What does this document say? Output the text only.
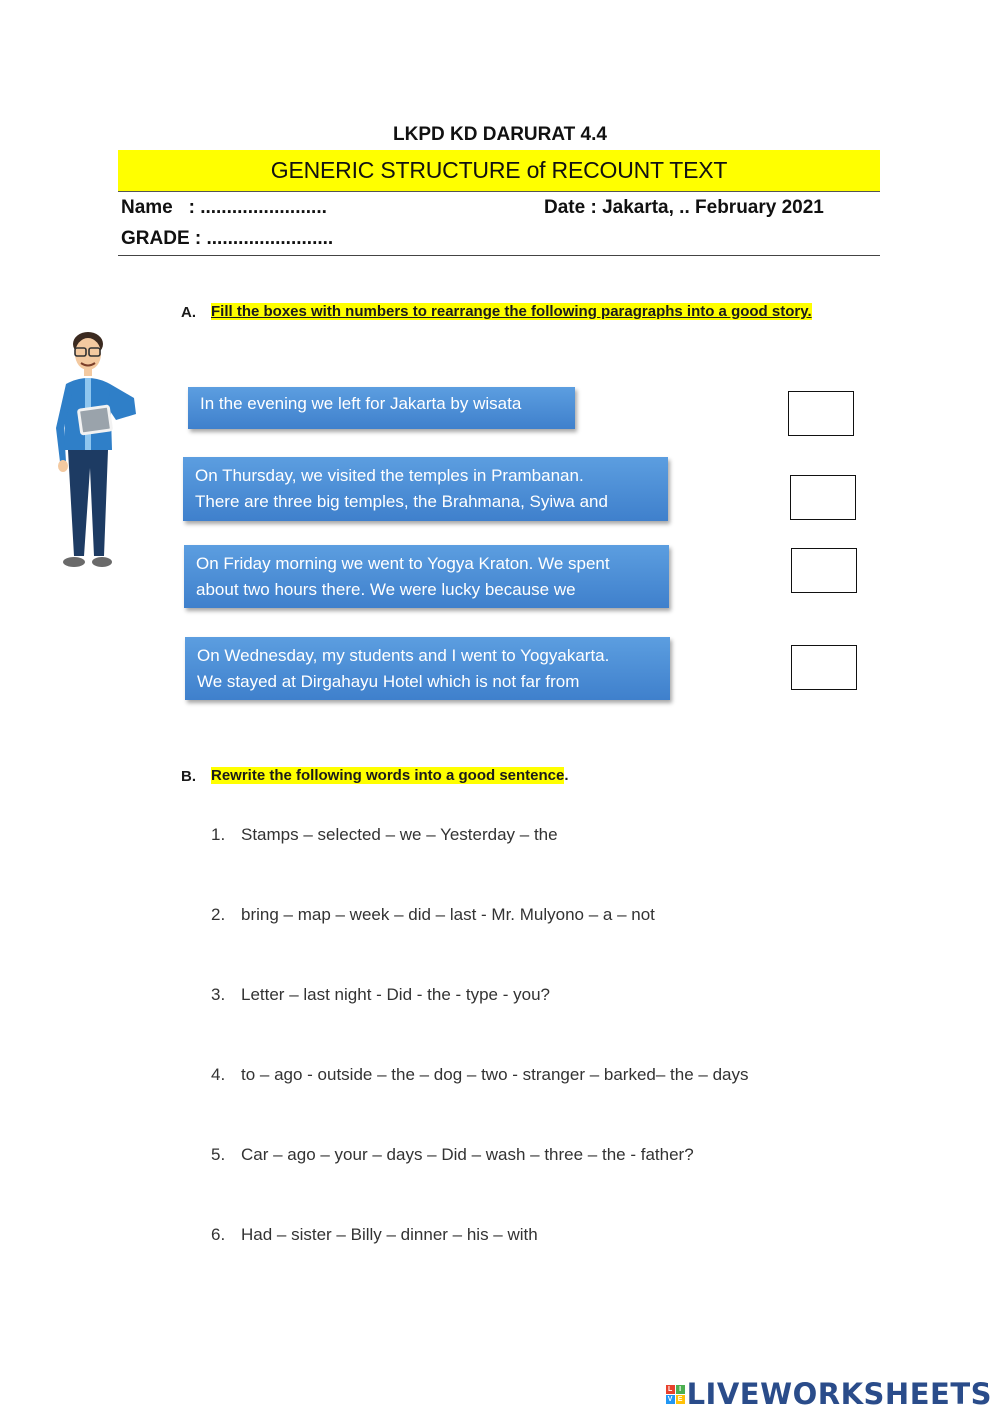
LKPD KD DARURAT 4.4
GENERIC STRUCTURE of RECOUNT TEXT
Name   : ........................	Date : Jakarta, .. February 2021
GRADE : ........................
A. Fill the boxes with numbers to rearrange the following paragraphs into a good story.
In the evening we left for Jakarta by wisata
On Thursday, we visited the temples in Prambanan.
There are three big temples, the Brahmana, Syiwa and
On Friday morning we went to Yogya Kraton. We spent
about two hours there. We were lucky because we
On Wednesday, my students and I went to Yogyakarta.
We stayed at Dirgahayu Hotel which is not far from
B. Rewrite the following words into a good sentence.
1. Stamps – selected – we – Yesterday – the
2. bring – map – week – did – last - Mr. Mulyono – a – not
3. Letter – last night - Did - the - type - you?
4. to – ago - outside – the – dog – two - stranger – barked– the – days
5. Car – ago – your – days – Did – wash – three – the - father?
6. Had – sister – Billy – dinner – his – with
L I
V E LIVEWORKSHEETS
